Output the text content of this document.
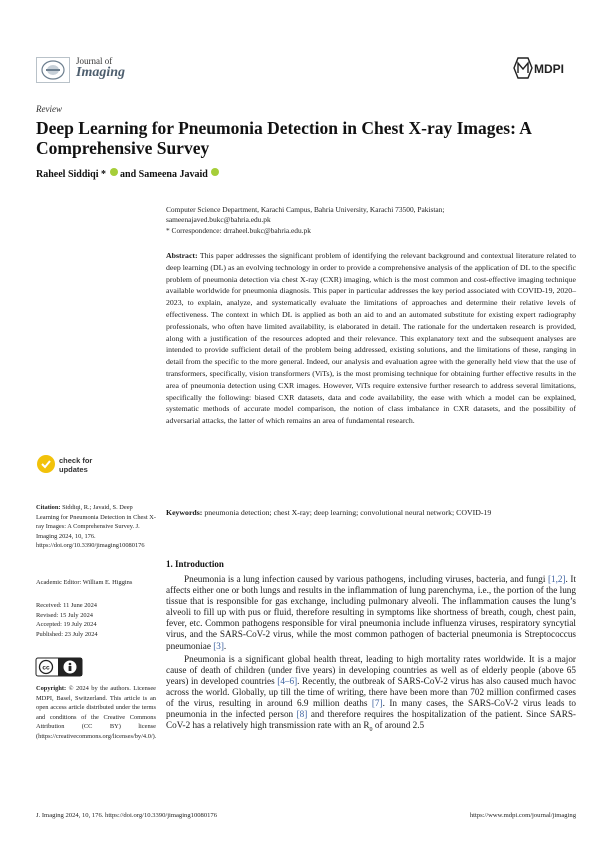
Journal of
Imaging	MDPI
Review
Deep Learning for Pneumonia Detection in Chest X-ray Images: A Comprehensive Survey
Raheel Siddiqi *  and Sameena Javaid
Computer Science Department, Karachi Campus, Bahria University, Karachi 73500, Pakistan;
sameenajaved.bukc@bahria.edu.pk
* Correspondence: drraheel.bukc@bahria.edu.pk
Abstract: This paper addresses the significant problem of identifying the relevant background and contextual literature related to deep learning (DL) as an evolving technology in order to provide a comprehensive analysis of the application of DL to the specific problem of pneumonia detection via chest X-ray (CXR) imaging, which is the most common and cost-effective imaging technique available worldwide for pneumonia diagnosis. This paper in particular addresses the key period associated with COVID-19, 2020–2023, to explain, analyze, and systematically evaluate the limitations of approaches and determine their relative levels of effectiveness. The context in which DL is applied as both an aid to and an automated substitute for existing expert radiography professionals, who often have limited availability, is elaborated in detail. The rationale for the undertaken research is provided, along with a justification of the resources adopted and their relevance. This explanatory text and the subsequent analyses are intended to provide sufficient detail of the problem being addressed, existing solutions, and the limitations of these, ranging in detail from the specific to the more general. Indeed, our analysis and evaluation agree with the generally held view that the use of transformers, specifically, vision transformers (ViTs), is the most promising technique for obtaining further effective results in the area of pneumonia detection using CXR images. However, ViTs require extensive further research to address several limitations, specifically the following: biased CXR datasets, data and code availability, the ease with which a model can be explained, systematic methods of accurate model comparison, the notion of class imbalance in CXR datasets, and the possibility of adversarial attacks, the latter of which remains an area of fundamental research.
Keywords: pneumonia detection; chest X-ray; deep learning; convolutional neural network; COVID-19
check for
updates
Citation: Siddiqi, R.; Javaid, S. Deep Learning for Pneumonia Detection in Chest X-ray Images: A Comprehensive Survey. J. Imaging 2024, 10, 176. https://doi.org/10.3390/jimaging10080176
Academic Editor: William E. Higgins
Received: 11 June 2024
Revised: 15 July 2024
Accepted: 19 July 2024
Published: 23 July 2024
cc
Copyright: © 2024 by the authors. Licensee MDPI, Basel, Switzerland. This article is an open access article distributed under the terms and conditions of the Creative Commons Attribution (CC BY) license (https://creativecommons.org/licenses/by/4.0/).
1. Introduction

Pneumonia is a lung infection caused by various pathogens, including viruses, bacteria, and fungi [1,2]. It affects either one or both lungs and results in the inflammation of lung parenchyma, i.e., the portion of the lung tissue that is responsible for gas exchange, including pulmonary alveoli. The inflammation causes the lung’s alveoli to fill up with pus or fluid, therefore resulting in symptoms like shortness of breath, cough, chest pain, fever, etc. Common pathogens responsible for viral pneumonia include influenza viruses, respiratory syncytial virus, and the SARS-CoV-2 virus, while the most common pathogen of bacterial pneumonia is Streptococcus pneumoniae [3].

Pneumonia is a significant global health threat, leading to high mortality rates worldwide. It is a major cause of death of children (under five years) in developing countries as well as of elderly people (above 65 years) in developed countries [4–6]. Recently, the outbreak of SARS-CoV-2 virus has also caused much havoc across the world. Globally, up till the time of writing, there have been more than 702 million confirmed cases of the virus, resulting in around 6.9 million deaths [7]. In many cases, the SARS-CoV-2 virus leads to pneumonia in the infected person [8] and therefore requires the hospitalization of the patient. Since SARS-CoV-2 has a relatively high transmission rate with an $R_0$ of around 2.5

J. Imaging 2024, 10, 176. https://doi.org/10.3390/jimaging10080176	https://www.mdpi.com/journal/jimaging
